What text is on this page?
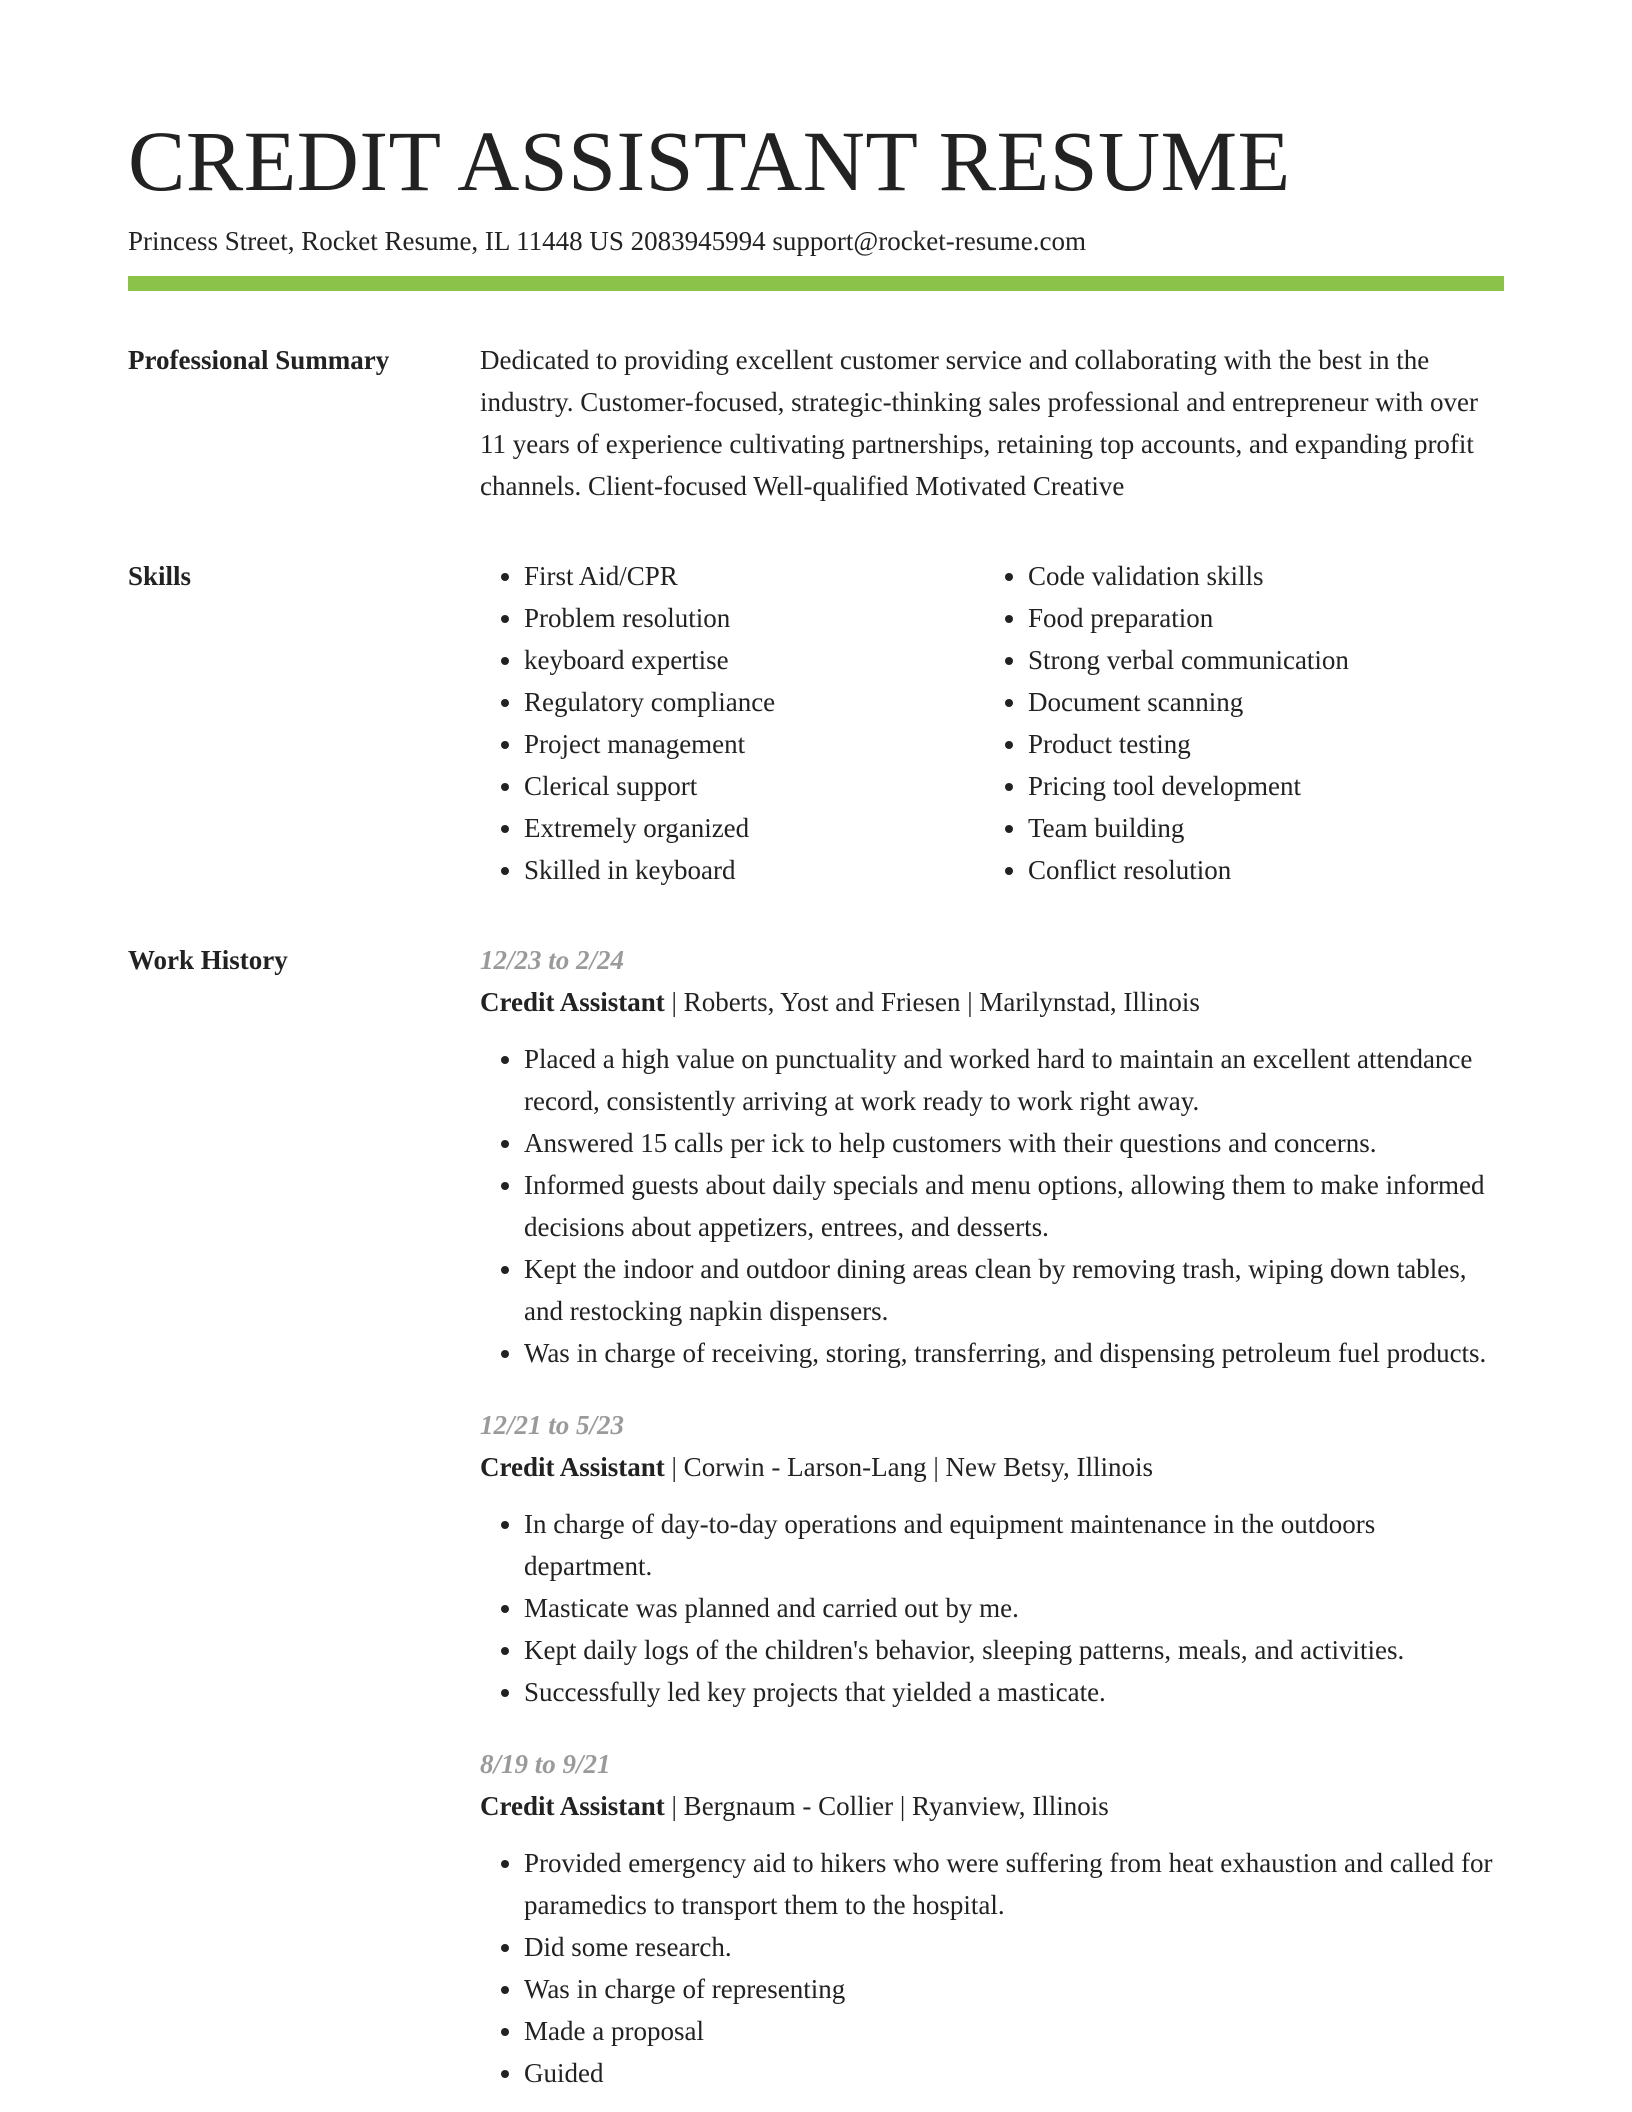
CREDIT ASSISTANT RESUME
Princess Street, Rocket Resume, IL 11448 US 2083945994 support@rocket-resume.com
Professional Summary	Dedicated to providing excellent customer service and collaborating with the best in the industry. Customer-focused, strategic-thinking sales professional and entrepreneur with over 11 years of experience cultivating partnerships, retaining top accounts, and expanding profit channels. Client-focused Well-qualified Motivated Creative

Skills
•	First Aid/CPR
• Problem resolution
• keyboard expertise
• Regulatory compliance
• Project management
• Clerical support
• Extremely organized
• Skilled in keyboard
• Code validation skills
• Food preparation
• Strong verbal communication
• Document scanning
• Product testing
• Pricing tool development
• Team building
• Conflict resolution
Work History	12/23 to 2/24
Credit Assistant | Roberts, Yost and Friesen | Marilynstad, Illinois
• Placed a high value on punctuality and worked hard to maintain an excellent attendance record, consistently arriving at work ready to work right away.
• Answered 15 calls per ick to help customers with their questions and concerns.
• Informed guests about daily specials and menu options, allowing them to make informed decisions about appetizers, entrees, and desserts.
• Kept the indoor and outdoor dining areas clean by removing trash, wiping down tables, and restocking napkin dispensers.
• Was in charge of receiving, storing, transferring, and dispensing petroleum fuel products.
12/21 to 5/23
Credit Assistant | Corwin - Larson-Lang | New Betsy, Illinois
• In charge of day-to-day operations and equipment maintenance in the outdoors department.
• Masticate was planned and carried out by me.
• Kept daily logs of the children's behavior, sleeping patterns, meals, and activities.
• Successfully led key projects that yielded a masticate.
8/19 to 9/21
Credit Assistant | Bergnaum - Collier | Ryanview, Illinois
• Provided emergency aid to hikers who were suffering from heat exhaustion and called for paramedics to transport them to the hospital.
• Did some research.
• Was in charge of representing
• Made a proposal
• Guided
